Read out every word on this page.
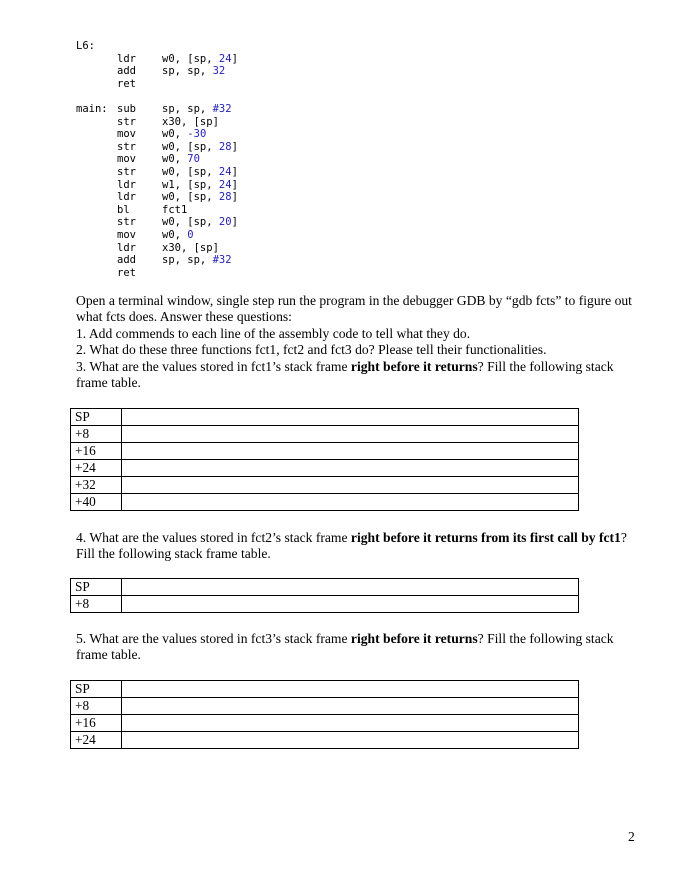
L6:
ldr w0, [sp, 24]
add sp, sp, 32
ret
main: sub sp, sp, #32
str x30, [sp]
mov w0, -30
str w0, [sp, 28]
mov w0, 70
str w0, [sp, 24]
ldr w1, [sp, 24]
ldr w0, [sp, 28]
bl	fct1
str w0, [sp, 20]
mov w0, 0
ldr x30, [sp]
add sp, sp, #32
ret

Open a terminal window, single step run the program in the debugger GDB by “gdb fcts” to figure out what fcts does. Answer these questions:

1. Add commends to each line of the assembly code to tell what they do.

2. What do these three functions fct1, fct2 and fct3 do? Please tell their functionalities.

3. What are the values stored in fct1’s stack frame right before it returns? Fill the following stack frame table.

SP	
+8	
+16	
+24	
+32	
+40	

4. What are the values stored in fct2’s stack frame right before it returns from its first call by fct1? Fill the following stack frame table.

SP	
+8	

5. What are the values stored in fct3’s stack frame right before it returns? Fill the following stack frame table.

SP	
+8	
+16	
+24	
2
